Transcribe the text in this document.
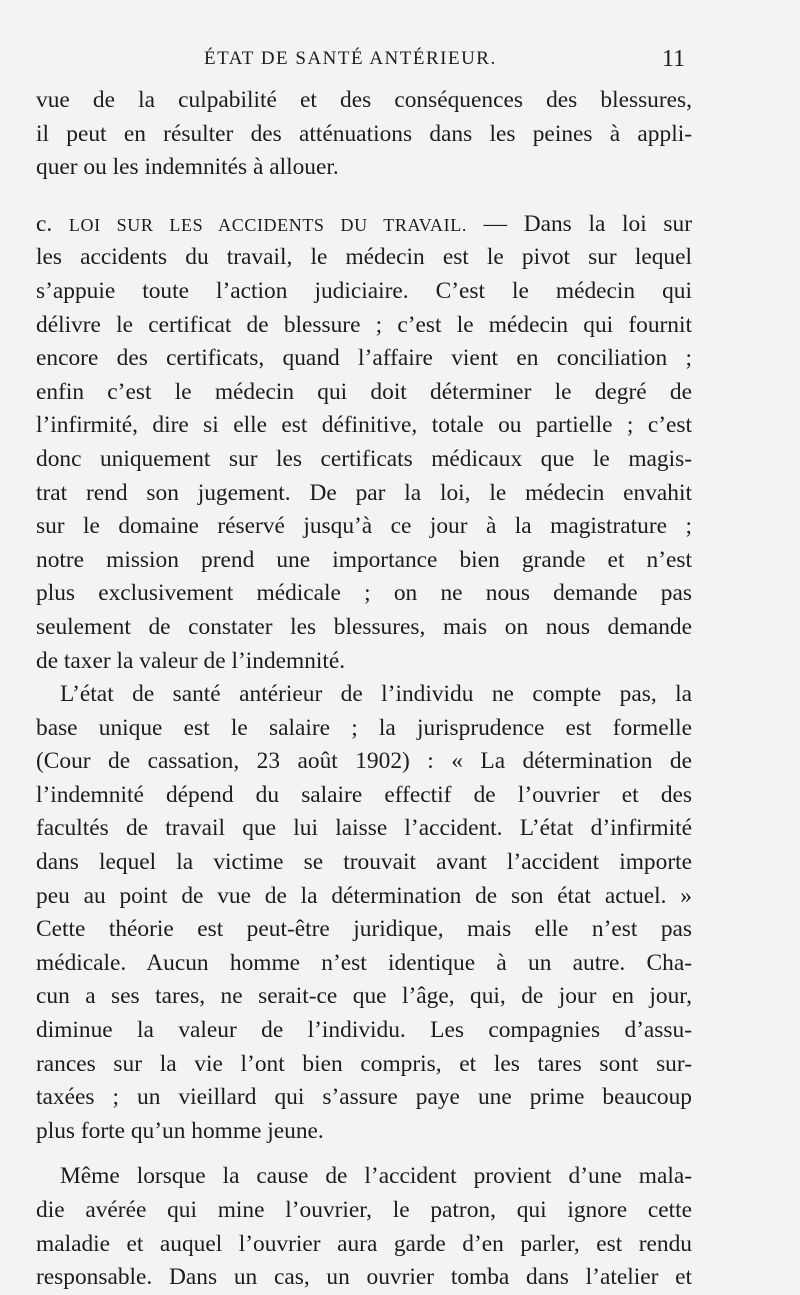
ÉTAT DE SANTÉ ANTÉRIEUR.	11
vue de la culpabilité et des conséquences des blessures,
il peut en résulter des atténuations dans les peines à appli-
quer ou les indemnités à allouer.
c. LOI SUR LES ACCIDENTS DU TRAVAIL. — Dans la loi sur
les accidents du travail, le médecin est le pivot sur lequel
s’appuie toute l’action judiciaire. C’est le médecin qui
délivre le certificat de blessure ; c’est le médecin qui fournit
encore des certificats, quand l’affaire vient en conciliation ;
enfin c’est le médecin qui doit déterminer le degré de
l’infirmité, dire si elle est définitive, totale ou partielle ; c’est
donc uniquement sur les certificats médicaux que le magis-
trat rend son jugement. De par la loi, le médecin envahit
sur le domaine réservé jusqu’à ce jour à la magistrature ;
notre mission prend une importance bien grande et n’est
plus exclusivement médicale ; on ne nous demande pas
seulement de constater les blessures, mais on nous demande
de taxer la valeur de l’indemnité.
L’état de santé antérieur de l’individu ne compte pas, la
base unique est le salaire ; la jurisprudence est formelle
(Cour de cassation, 23 août 1902) : « La détermination de
l’indemnité dépend du salaire effectif de l’ouvrier et des
facultés de travail que lui laisse l’accident. L’état d’infirmité
dans lequel la victime se trouvait avant l’accident importe
peu au point de vue de la détermination de son état actuel. »
Cette théorie est peut-être juridique, mais elle n’est pas
médicale. Aucun homme n’est identique à un autre. Cha-
cun a ses tares, ne serait-ce que l’âge, qui, de jour en jour,
diminue la valeur de l’individu. Les compagnies d’assu-
rances sur la vie l’ont bien compris, et les tares sont sur-
taxées ; un vieillard qui s’assure paye une prime beaucoup
plus forte qu’un homme jeune.
Même lorsque la cause de l’accident provient d’une mala-
die avérée qui mine l’ouvrier, le patron, qui ignore cette
maladie et auquel l’ouvrier aura garde d’en parler, est rendu
responsable. Dans un cas, un ouvrier tomba dans l’atelier et
